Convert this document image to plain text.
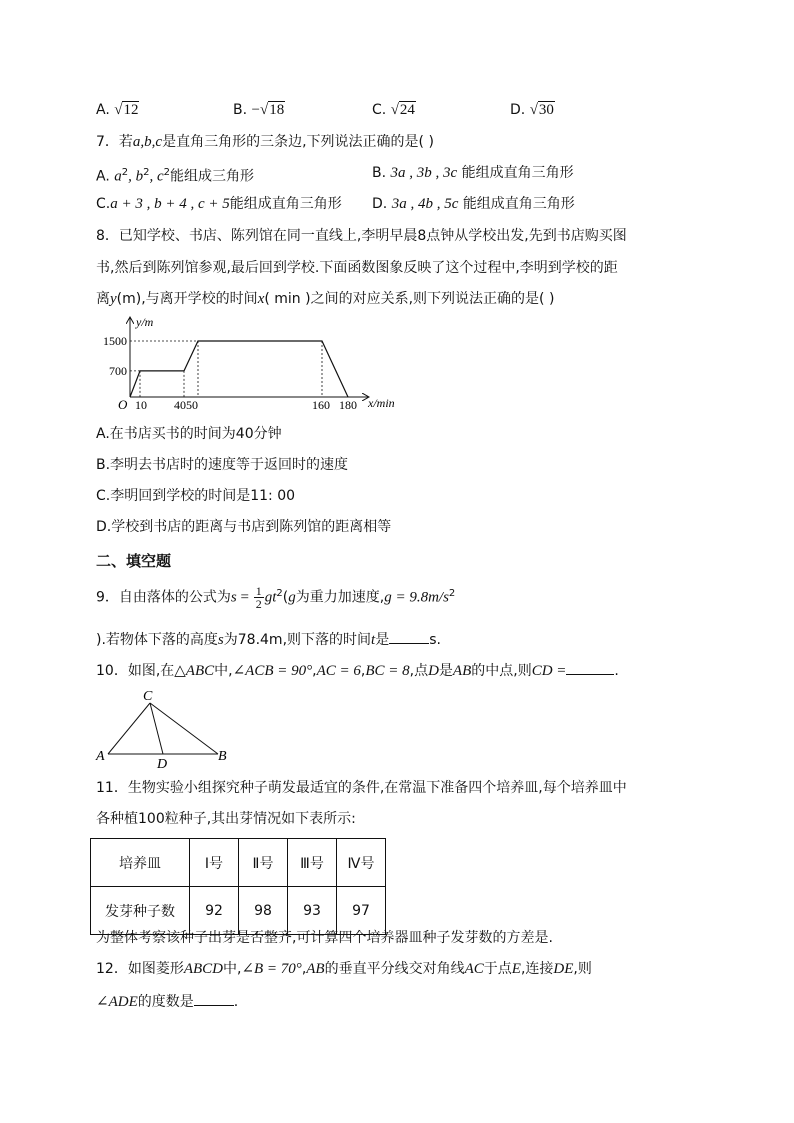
A. √12	B. −√18	C. √24	D. √30
7．若a,b,c是直角三角形的三条边,下列说法正确的是( )
A. $a^2$, $b^2$, $c^2$能组成三角形	B. 3a , 3b , 3c 能组成直角三角形
C.a + 3 , b + 4 , c + 5能组成直角三角形 D. 3a , 4b , 5c 能组成直角三角形
8．已知学校、书店、陈列馆在同一直线上,李明早晨8点钟从学校出发,先到书店购买图
书,然后到陈列馆参观,最后回到学校.下面函数图象反映了这个过程中,李明到学校的距
离y(m),与离开学校的时间x( min )之间的对应关系,则下列说法正确的是( )
y/m
x/min
O
1500
700
10 4050	160 180
A.在书店买书的时间为40分钟
B.李明去书店时的速度等于返回时的速度
C.李明回到学校的时间是11: 00
D.学校到书店的距离与书店到陈列馆的距离相等
二、填空题
9．自由落体的公式为$s = \frac{1}{2} gt^2(g$为重力加速度$,g = 9.8m/s^2$
).若物体下落的高度s为78.4m,则下落的时间t是	s.
10．如图,在△ABC中,∠ACB = 90°,AC = 6,BC = 8,点D是AB的中点,则CD =	.
C
A
D
B
11．生物实验小组探究种子萌发最适宜的条件,在常温下准备四个培养皿,每个培养皿中
各种植100粒种子,其出芽情况如下表所示:
培养皿	Ⅰ号	Ⅱ号	Ⅲ号	Ⅳ号
发芽种子数	92	98	93	97
为整体考察该种子出芽是否整齐,可计算四个培养器皿种子发芽数的方差是.
12．如图菱形ABCD中,∠B = 70°,AB的垂直平分线交对角线AC于点E,连接DE,则
∠ADE的度数是	.
